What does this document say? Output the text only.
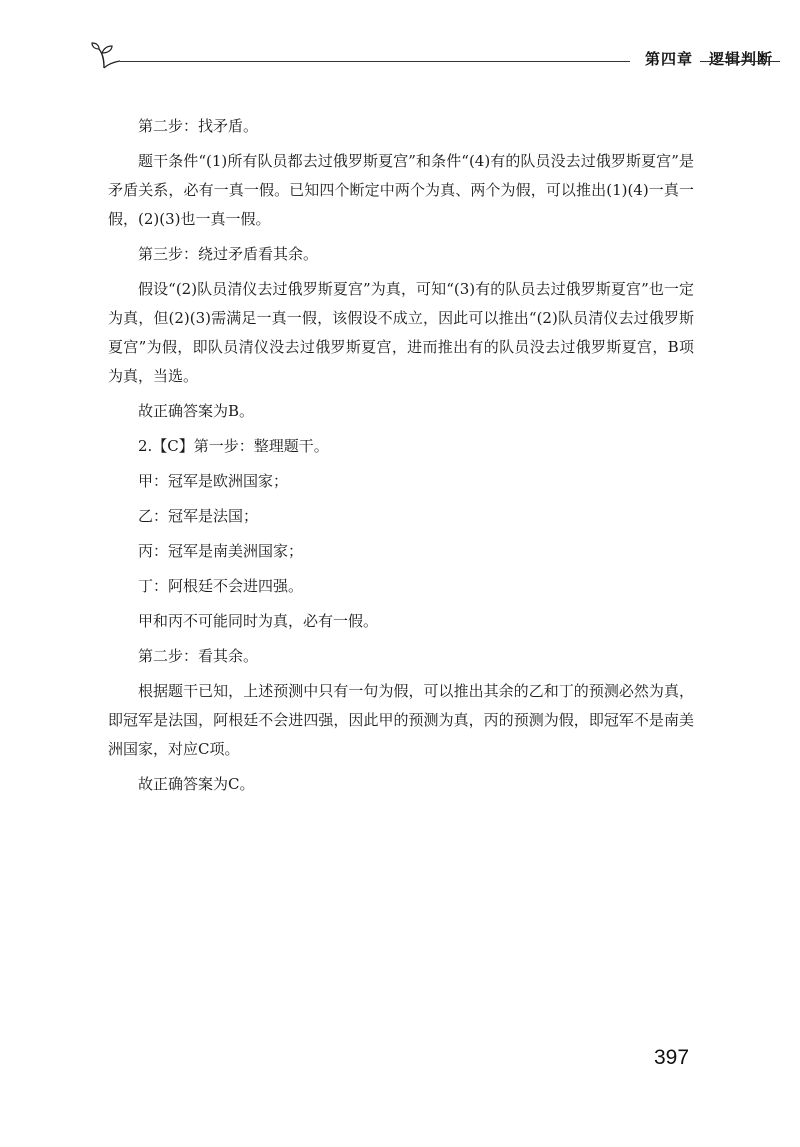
第四章 逻辑判断

第二步：找矛盾。

题干条件“(1)所有队员都去过俄罗斯夏宫”和条件“(4)有的队员没去过俄罗斯夏宫”是矛盾关系，必有一真一假。已知四个断定中两个为真、两个为假，可以推出(1)(4)一真一假，(2)(3)也一真一假。

第三步：绕过矛盾看其余。

假设“(2)队员清仪去过俄罗斯夏宫”为真，可知“(3)有的队员去过俄罗斯夏宫”也一定为真，但(2)(3)需满足一真一假，该假设不成立，因此可以推出“(2)队员清仪去过俄罗斯夏宫”为假，即队员清仪没去过俄罗斯夏宫，进而推出有的队员没去过俄罗斯夏宫，B项为真，当选。

故正确答案为B。

2.【C】第一步：整理题干。

甲：冠军是欧洲国家；

乙：冠军是法国；

丙：冠军是南美洲国家；

丁：阿根廷不会进四强。

甲和丙不可能同时为真，必有一假。

第二步：看其余。

根据题干已知，上述预测中只有一句为假，可以推出其余的乙和丁的预测必然为真，即冠军是法国，阿根廷不会进四强，因此甲的预测为真，丙的预测为假，即冠军不是南美洲国家，对应C项。

故正确答案为C。

397
